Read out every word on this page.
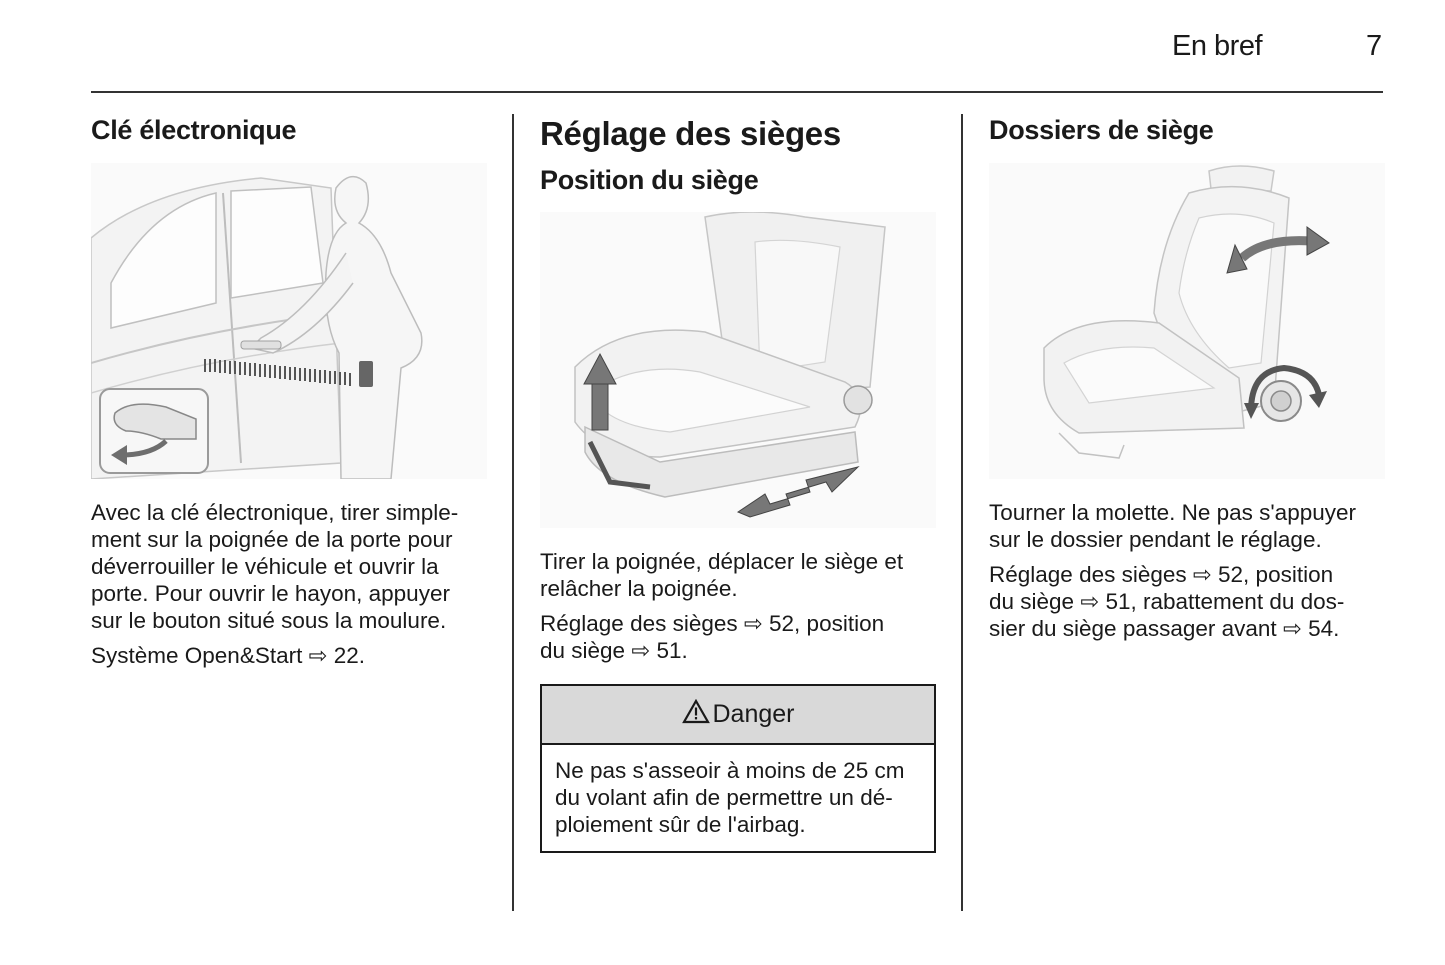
En bref	7
Clé électronique

Avec la clé électronique, tirer simple-
ment sur la poignée de la porte pour
déverrouiller le véhicule et ouvrir la
porte. Pour ouvrir le hayon, appuyer
sur le bouton situé sous la moulure.

Système Open&Start ⇨ 22.

Réglage des sièges
Position du siège

Tirer la poignée, déplacer le siège et
relâcher la poignée.

Réglage des sièges ⇨ 52, position
du siège ⇨ 51.

Danger
Ne pas s'asseoir à moins de 25 cm
du volant afin de permettre un dé-
ploiement sûr de l'airbag.
Dossiers de siège

Tourner la molette. Ne pas s'appuyer
sur le dossier pendant le réglage.

Réglage des sièges ⇨ 52, position
du siège ⇨ 51, rabattement du dos-
sier du siège passager avant ⇨ 54.
